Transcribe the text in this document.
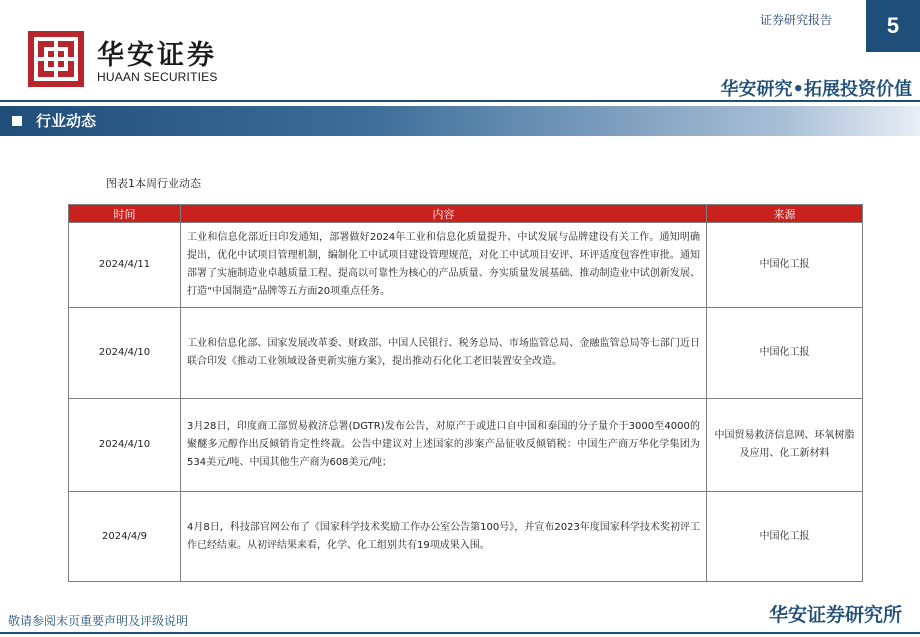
华安证券
HUAAN SECURITIES
证券研究报告	5
华安研究•拓展投资价值
行业动态
图表1本周行业动态
时间	内容	来源
2024/4/11	工业和信息化部近日印发通知，部署做好2024年工业和信息化质量提升、中试发展与品牌建设有关工作。通知明确提出，优化中试项目管理机制，编制化工中试项目建设管理规范，对化工中试项目安评、环评适度包容性审批。通知部署了实施制造业卓越质量工程、提高以可靠性为核心的产品质量、夯实质量发展基础、推动制造业中试创新发展、打造“中国制造”品牌等五方面20项重点任务。	中国化工报
2024/4/10	工业和信息化部、国家发展改革委、财政部、中国人民银行、税务总局、市场监管总局、金融监管总局等七部门近日联合印发《推动工业领域设备更新实施方案》，提出推动石化化工老旧装置安全改造。	中国化工报
2024/4/10	3月28日，印度商工部贸易救济总署(DGTR)发布公告，对原产于或进口自中国和泰国的分子量介于3000至4000的聚醚多元醇作出反倾销肯定性终裁。公告中建议对上述国家的涉案产品征收反倾销税：中国生产商万华化学集团为534美元/吨、中国其他生产商为608美元/吨；	中国贸易救济信息网、环氧树脂及应用、化工新材料
2024/4/9	4月8日，科技部官网公布了《国家科学技术奖励工作办公室公告第100号》，并宣布2023年度国家科学技术奖初评工作已经结束。从初评结果来看，化学、化工组别共有19项成果入围。	中国化工报
敬请参阅末页重要声明及评级说明	华安证券研究所
